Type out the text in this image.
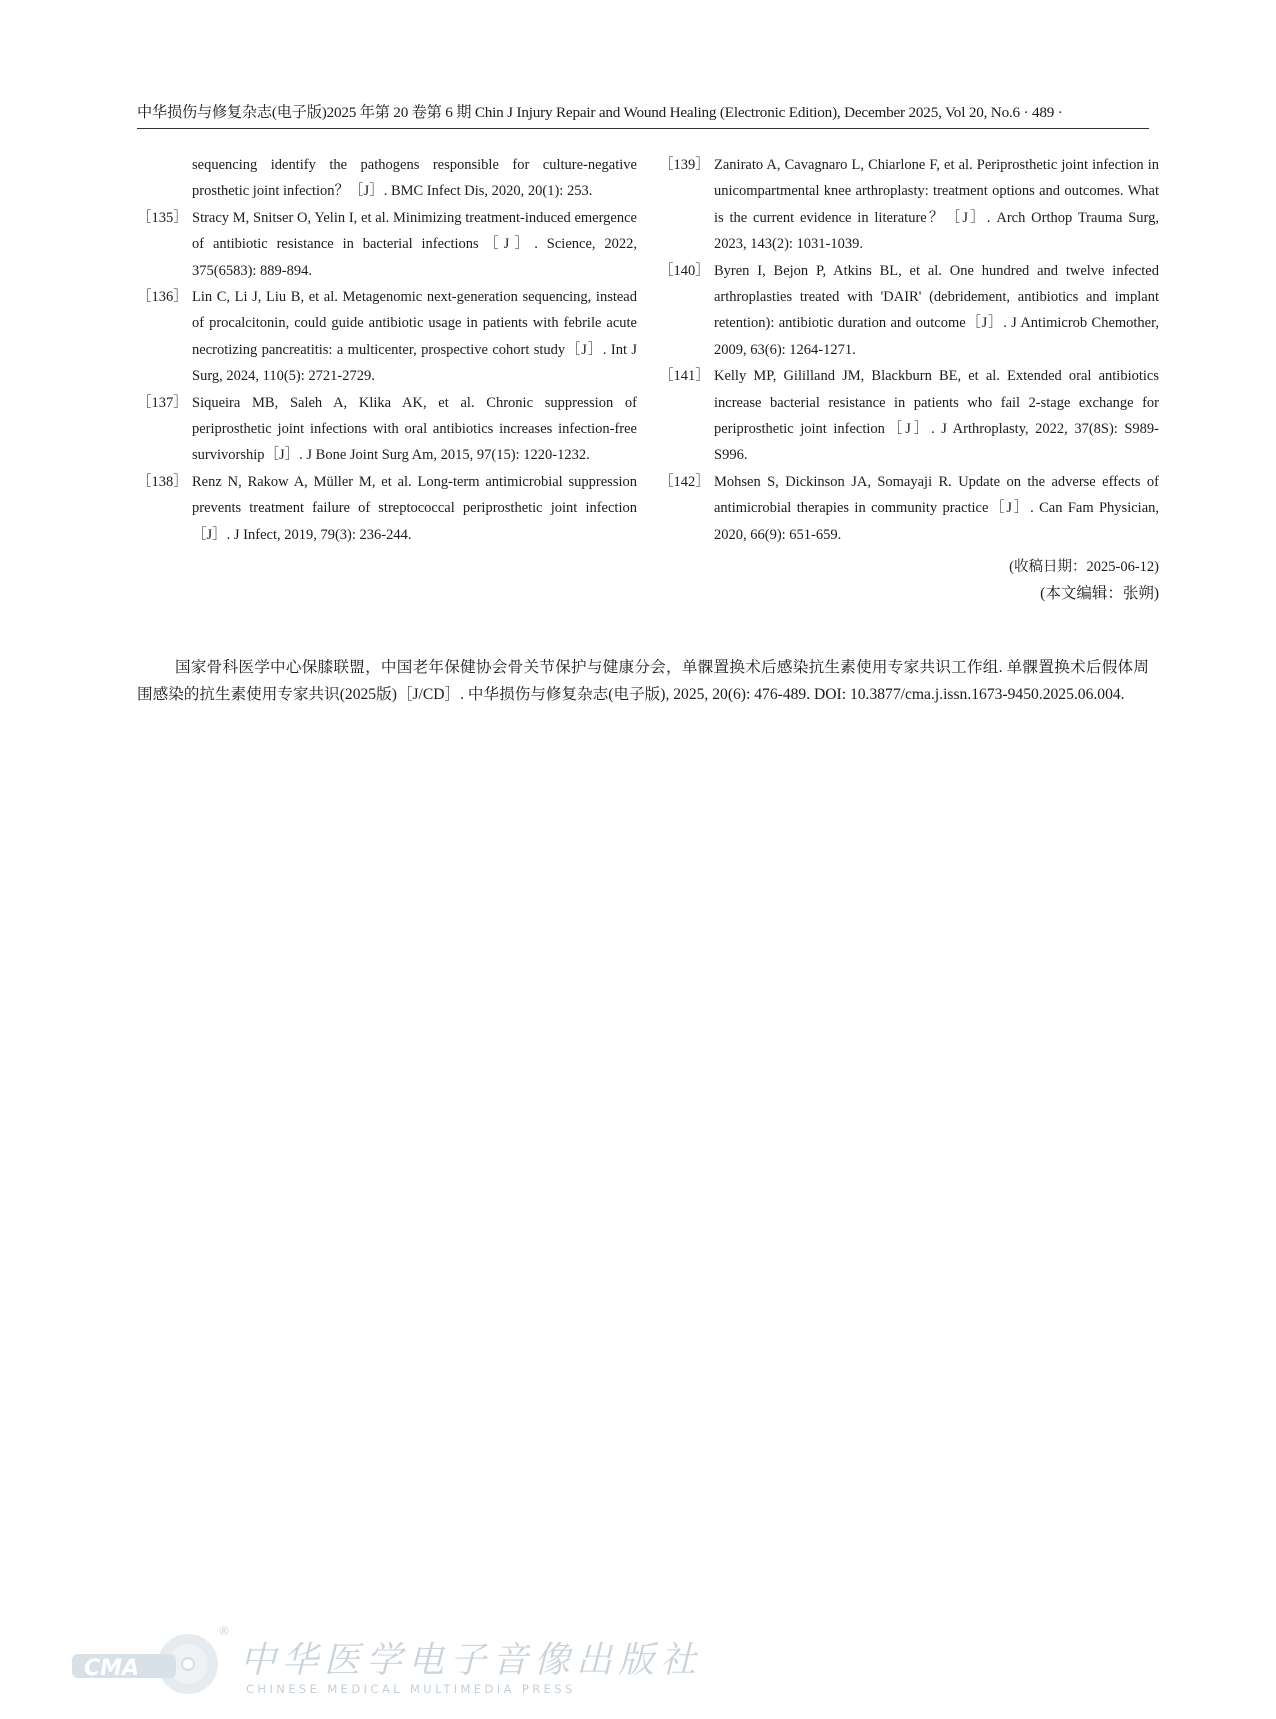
中华损伤与修复杂志(电子版)2025 年第 20 卷第 6 期 Chin J Injury Repair and Wound Healing (Electronic Edition), December 2025, Vol 20, No.6 · 489 ·

sequencing identify the pathogens responsible for culture-negative prosthetic joint infection？［J］. BMC Infect Dis, 2020, 20(1): 253.

［135］ Stracy M, Snitser O, Yelin I, et al. Minimizing treatment-induced emergence of antibiotic resistance in bacterial infections［J］. Science, 2022, 375(6583): 889-894.

［136］ Lin C, Li J, Liu B, et al. Metagenomic next-generation sequencing, instead of procalcitonin, could guide antibiotic usage in patients with febrile acute necrotizing pancreatitis: a multicenter, prospective cohort study［J］. Int J Surg, 2024, 110(5): 2721-2729.

［137］ Siqueira MB, Saleh A, Klika AK, et al. Chronic suppression of periprosthetic joint infections with oral antibiotics increases infection-free survivorship［J］. J Bone Joint Surg Am, 2015, 97(15): 1220-1232.

［138］ Renz N, Rakow A, Müller M, et al. Long-term antimicrobial suppression prevents treatment failure of streptococcal periprosthetic joint infection［J］. J Infect, 2019, 79(3): 236-244.

［139］ Zanirato A, Cavagnaro L, Chiarlone F, et al. Periprosthetic joint infection in unicompartmental knee arthroplasty: treatment options and outcomes. What is the current evidence in literature？［J］. Arch Orthop Trauma Surg, 2023, 143(2): 1031-1039.

［140］ Byren I, Bejon P, Atkins BL, et al. One hundred and twelve infected arthroplasties treated with 'DAIR' (debridement, antibiotics and implant retention): antibiotic duration and outcome［J］. J Antimicrob Chemother, 2009, 63(6): 1264-1271.

［141］ Kelly MP, Gililland JM, Blackburn BE, et al. Extended oral antibiotics increase bacterial resistance in patients who fail 2-stage exchange for periprosthetic joint infection［J］. J Arthroplasty, 2022, 37(8S): S989-S996.

［142］ Mohsen S, Dickinson JA, Somayaji R. Update on the adverse effects of antimicrobial therapies in community practice［J］. Can Fam Physician, 2020, 66(9): 651-659.

(收稿日期：2025-06-12)
(本文编辑：张朔)

国家骨科医学中心保膝联盟，中国老年保健协会骨关节保护与健康分会，单髁置换术后感染抗生素使用专家共识工作组. 单髁置换术后假体周围感染的抗生素使用专家共识(2025版)［J/CD］. 中华损伤与修复杂志(电子版), 2025, 20(6): 476-489. DOI: 10.3877/cma.j.issn.1673-9450.2025.06.004.

CMA
®
中华医学电子音像出版社
CHINESE MEDICAL MULTIMEDIA PRESS
